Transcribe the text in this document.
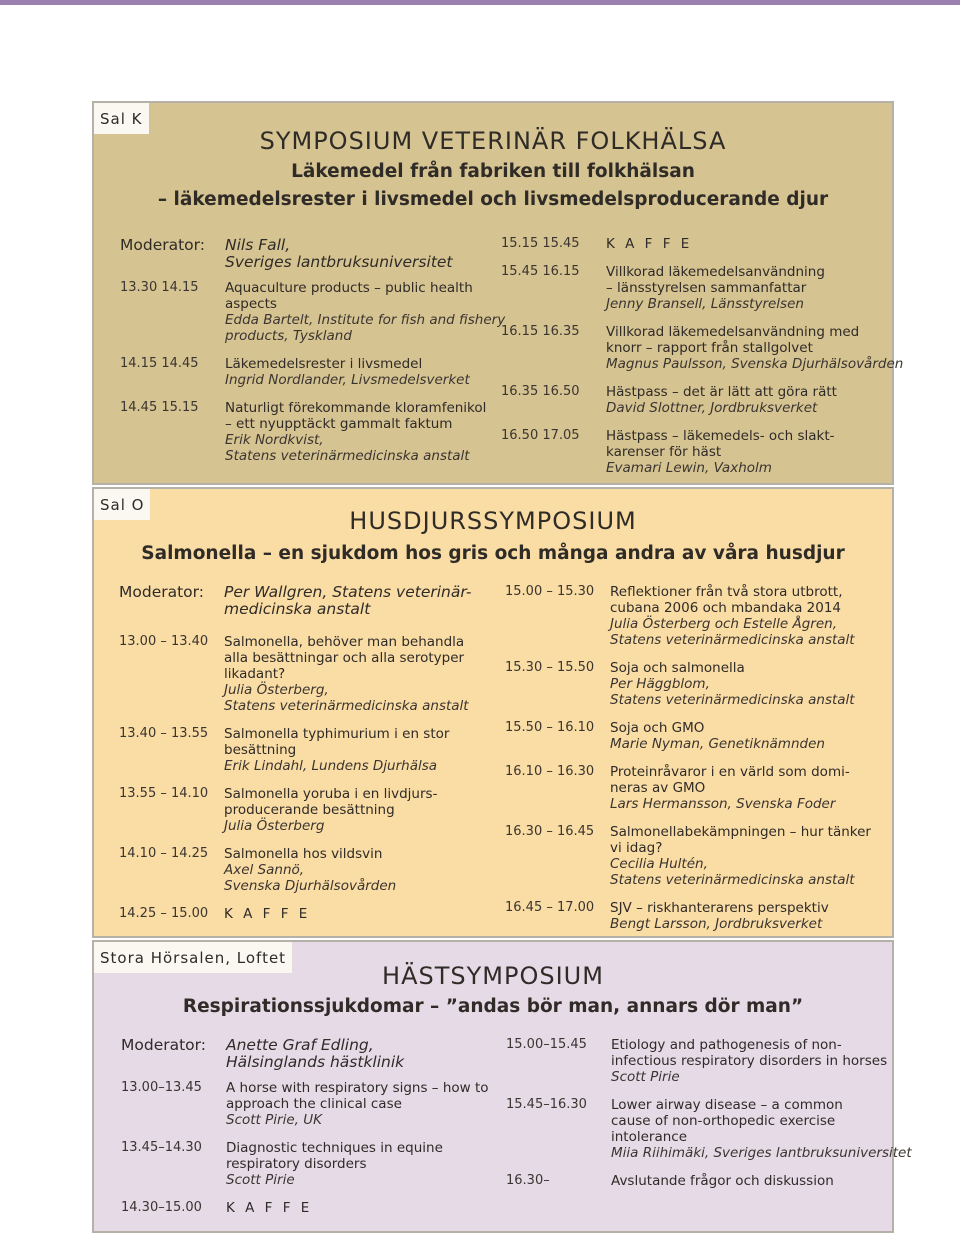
Sal K
SYMPOSIUM VETERINÄR FOLKHÄLSA
Läkemedel från fabriken till folkhälsan
– läkemedelsrester i livsmedel och livsmedelsproducerande djur
Moderator: Nils Fall,
Sveriges lantbruksuniversitet
13.30 14.15 Aquaculture products – public health
aspects
Edda Bartelt, Institute for fish and fishery
products, Tyskland
14.15 14.45 Läkemedelsrester i livsmedel
Ingrid Nordlander, Livsmedelsverket
14.45 15.15 Naturligt förekommande kloramfenikol
– ett nyupptäckt gammalt faktum
Erik Nordkvist,
Statens veterinärmedicinska anstalt
15.15 15.45 K A F F E
15.45 16.15 Villkorad läkemedelsanvändning
– länsstyrelsen sammanfattar
Jenny Bransell, Länsstyrelsen
16.15 16.35 Villkorad läkemedelsanvändning med
knorr – rapport från stallgolvet
Magnus Paulsson, Svenska Djurhälsovården
16.35 16.50 Hästpass – det är lätt att göra rätt
David Slottner, Jordbruksverket
16.50 17.05 Hästpass – läkemedels- och slakt-
karenser för häst
Evamari Lewin, Vaxholm
Sal O
HUSDJURSSYMPOSIUM
Salmonella – en sjukdom hos gris och många andra av våra husdjur
Moderator: Per Wallgren, Statens veterinär-
medicinska anstalt
13.00 – 13.40 Salmonella, behöver man behandla
alla besättningar och alla serotyper
likadant?
Julia Österberg,
Statens veterinärmedicinska anstalt
13.40 – 13.55 Salmonella typhimurium i en stor
besättning
Erik Lindahl, Lundens Djurhälsa
13.55 – 14.10 Salmonella yoruba i en livdjurs-
producerande besättning
Julia Österberg
14.10 – 14.25 Salmonella hos vildsvin
Axel Sannö,
Svenska Djurhälsovården
14.25 – 15.00 K A F F E
15.00 – 15.30 Reflektioner från två stora utbrott,
cubana 2006 och mbandaka 2014
Julia Österberg och Estelle Ågren,
Statens veterinärmedicinska anstalt
15.30 – 15.50 Soja och salmonella
Per Häggblom,
Statens veterinärmedicinska anstalt
15.50 – 16.10 Soja och GMO
Marie Nyman, Genetiknämnden
16.10 – 16.30 Proteinråvaror i en värld som domi-
neras av GMO
Lars Hermansson, Svenska Foder
16.30 – 16.45 Salmonellabekämpningen – hur tänker
vi idag?
Cecilia Hultén,
Statens veterinärmedicinska anstalt
16.45 – 17.00 SJV – riskhanterarens perspektiv
Bengt Larsson, Jordbruksverket
Stora Hörsalen, Loftet
HÄSTSYMPOSIUM
Respirationssjukdomar – ”andas bör man, annars dör man”
Moderator: Anette Graf Edling,
Hälsinglands hästklinik
13.00–13.45 A horse with respiratory signs – how to
approach the clinical case
Scott Pirie, UK
13.45–14.30 Diagnostic techniques in equine
respiratory disorders
Scott Pirie
14.30–15.00 K A F F E
15.00–15.45 Etiology and pathogenesis of non-
infectious respiratory disorders in horses
Scott Pirie
15.45–16.30 Lower airway disease – a common
cause of non-orthopedic exercise
intolerance
Miia Riihimäki, Sveriges lantbruksuniversitet
16.30–	Avslutande frågor och diskussion
